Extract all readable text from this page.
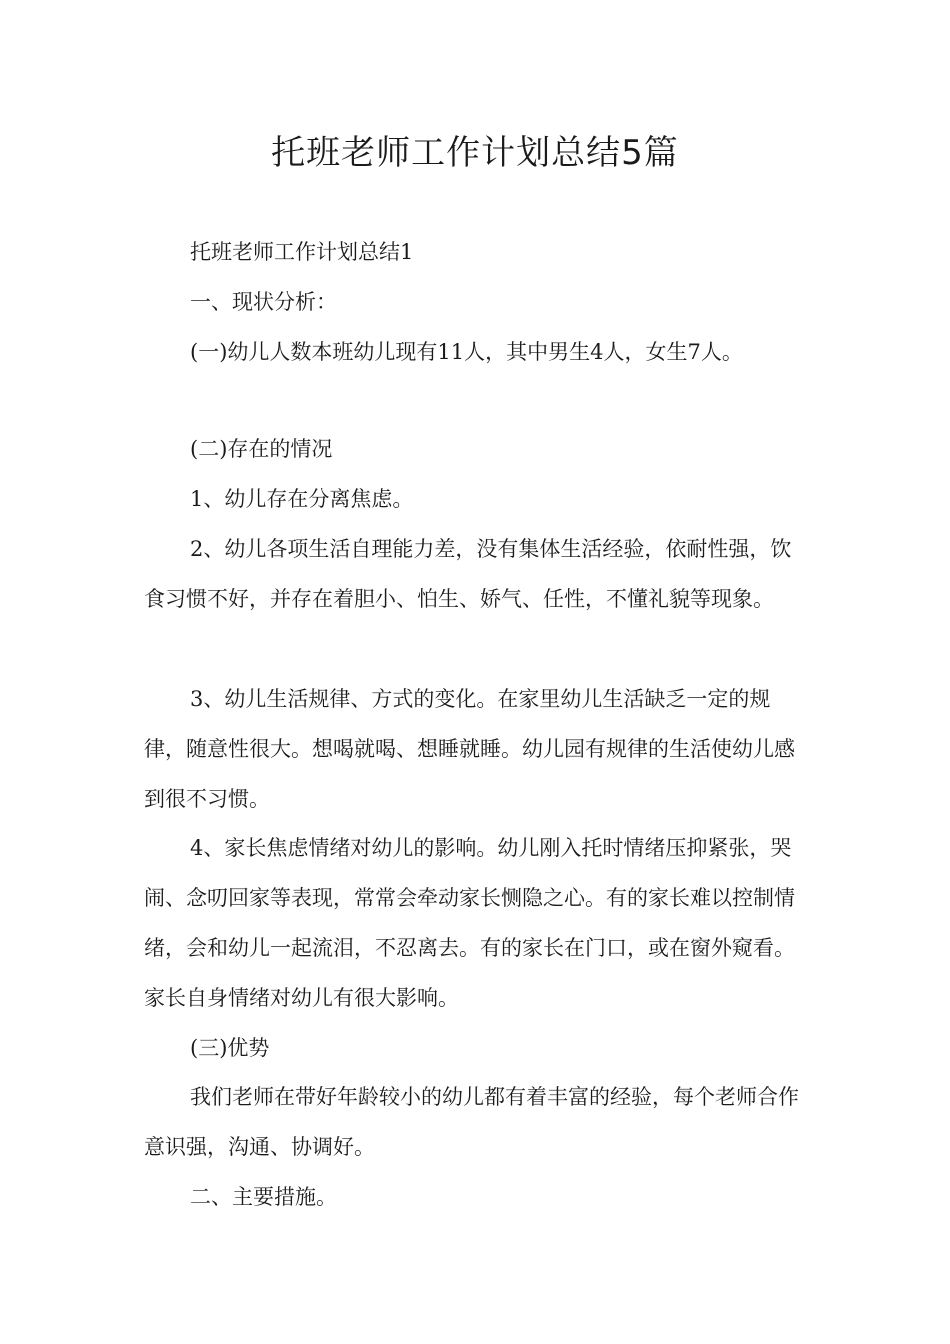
托班老师工作计划总结5篇

托班老师工作计划总结1

一、现状分析：

(一)幼儿人数本班幼儿现有11人，其中男生4人，女生7人。

(二)存在的情况

1、幼儿存在分离焦虑。

2、幼儿各项生活自理能力差，没有集体生活经验，依耐性强，饮食习惯不好，并存在着胆小、怕生、娇气、任性，不懂礼貌等现象。

3、幼儿生活规律、方式的变化。在家里幼儿生活缺乏一定的规律，随意性很大。想喝就喝、想睡就睡。幼儿园有规律的生活使幼儿感到很不习惯。

4、家长焦虑情绪对幼儿的影响。幼儿刚入托时情绪压抑紧张，哭闹、念叨回家等表现，常常会牵动家长恻隐之心。有的家长难以控制情绪，会和幼儿一起流泪，不忍离去。有的家长在门口，或在窗外窥看。家长自身情绪对幼儿有很大影响。

(三)优势

我们老师在带好年龄较小的幼儿都有着丰富的经验，每个老师合作意识强，沟通、协调好。

二、主要措施。
